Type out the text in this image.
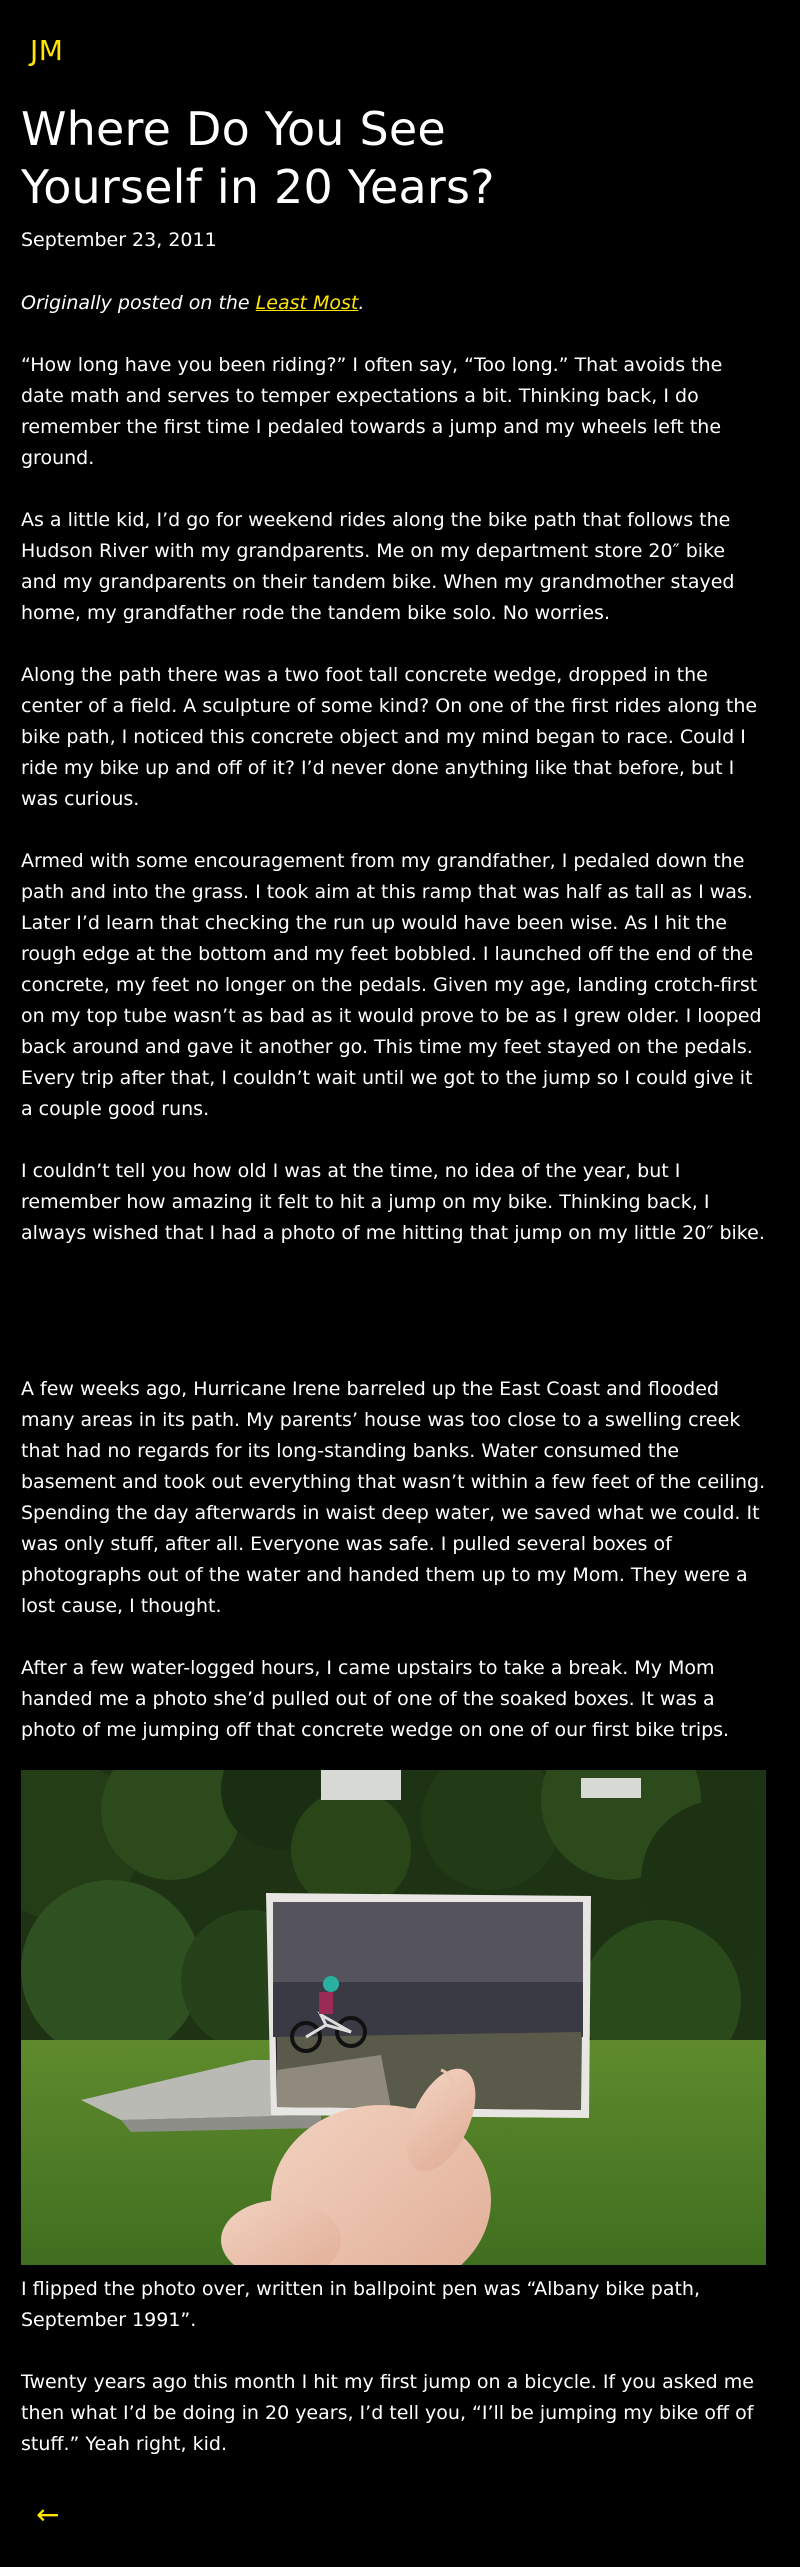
JM
Where Do You See Yourself in 20 Years?

September 23, 2011

Originally posted on the Least Most.

“How long have you been riding?” I often say, “Too long.” That avoids the date math and serves to temper expectations a bit. Thinking back, I do remember the first time I pedaled towards a jump and my wheels left the ground.

As a little kid, I’d go for weekend rides along the bike path that follows the Hudson River with my grandparents. Me on my department store 20″ bike and my grandparents on their tandem bike. When my grandmother stayed home, my grandfather rode the tandem bike solo. No worries.

Along the path there was a two foot tall concrete wedge, dropped in the center of a field. A sculpture of some kind? On one of the first rides along the bike path, I noticed this concrete object and my mind began to race. Could I ride my bike up and off of it? I’d never done anything like that before, but I was curious.

Armed with some encouragement from my grandfather, I pedaled down the path and into the grass. I took aim at this ramp that was half as tall as I was. Later I’d learn that checking the run up would have been wise. As I hit the rough edge at the bottom and my feet bobbled. I launched off the end of the concrete, my feet no longer on the pedals. Given my age, landing crotch-first on my top tube wasn’t as bad as it would prove to be as I grew older. I looped back around and gave it another go. This time my feet stayed on the pedals. Every trip after that, I couldn’t wait until we got to the jump so I could give it a couple good runs.

I couldn’t tell you how old I was at the time, no idea of the year, but I remember how amazing it felt to hit a jump on my bike. Thinking back, I always wished that I had a photo of me hitting that jump on my little 20″ bike.

A few weeks ago, Hurricane Irene barreled up the East Coast and flooded many areas in its path. My parents’ house was too close to a swelling creek that had no regards for its long-standing banks. Water consumed the basement and took out everything that wasn’t within a few feet of the ceiling. Spending the day afterwards in waist deep water, we saved what we could. It was only stuff, after all. Everyone was safe. I pulled several boxes of photographs out of the water and handed them up to my Mom. They were a lost cause, I thought.

After a few water-logged hours, I came upstairs to take a break. My Mom handed me a photo she’d pulled out of one of the soaked boxes. It was a photo of me jumping off that concrete wedge on one of our first bike trips.

I flipped the photo over, written in ballpoint pen was “Albany bike path, September 1991”.

Twenty years ago this month I hit my first jump on a bicycle. If you asked me then what I’d be doing in 20 years, I’d tell you, “I’ll be jumping my bike off of stuff.” Yeah right, kid.

←
